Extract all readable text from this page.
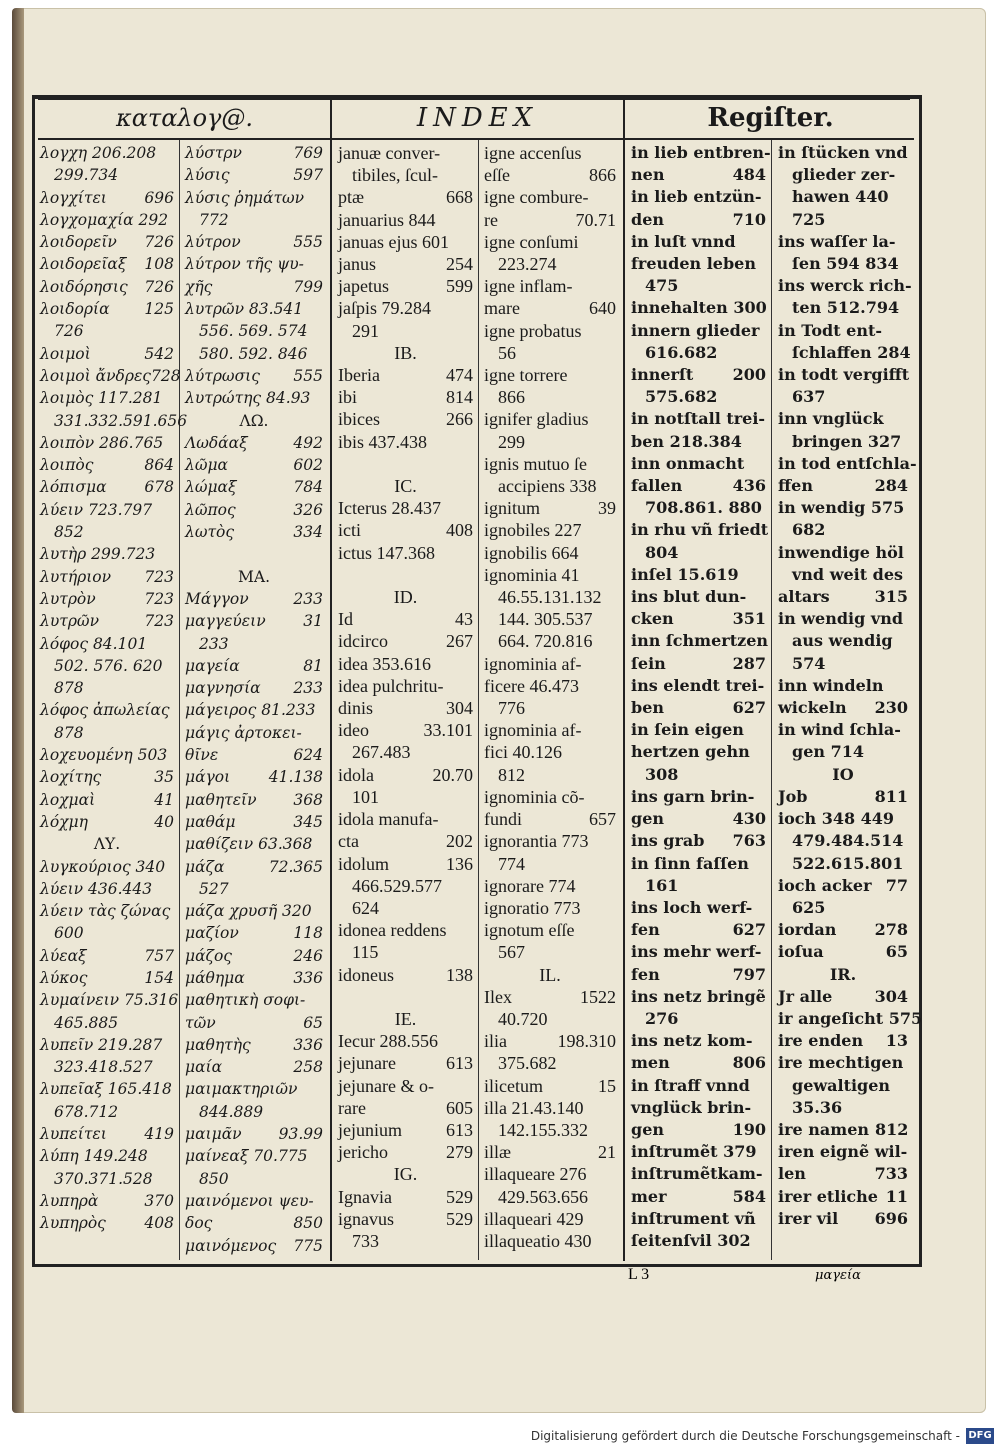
καταλογ@.	INDEX	Regiſter.
λογχη 206.208
299.734
λογχίτει	696
λογχομαχία 292
λοιδορεῖν	726
λοιδορεῖαξ	108
λοιδόρησις	726
λοιδορία	125
726
λοιμοὶ	542
λοιμοὶ ἄνδρες728
λοιμὸς 117.281
331.332.591.656
λοιπὸν 286.765
λοιπὸς	864
λόπισμα	678
λύειν 723.797
852
λυτὴρ 299.723
λυτήριον	723
λυτρὸν	723
λυτρῶν	723
λόφος 84.101
502. 576. 620
878
λόφος ἀπωλείας
878
λοχευομένη 503
λοχίτης	35
λοχμαὶ	41
λόχμη	40
ΛΥ.
λυγκούριος 340
λύειν 436.443
λύειν τὰς ζώνας
600
λύεαξ	757
λύκος	154
λυμαίνειν 75.316
465.885
λυπεῖν 219.287
323.418.527
λυπεῖαξ 165.418
678.712
λυπείτει	419
λύπη 149.248
370.371.528
λυπηρὰ	370
λυπηρὸς	408
λύστρν	769
λύσις	597
λύσις ῥημάτων
772
λύτρον	555
λύτρον τῆς ψυ-
χῆς	799
λυτρῶν 83.541
556. 569. 574
580. 592. 846
λύτρωσις	555
λυτρώτης 84.93
ΛΩ.
Λωδάαξ	492
λῶμα	602
λώμαξ	784
λῶπος	326
λωτὸς	334

MA.
Μάγγον	233
μαγγεύειν	31
233
μαγεία	81
μαγνησία	233
μάγειρος 81.233
μάγις ἀρτοκει-
θῖνε	624
μάγοι	41.138
μαθητεῖν	368
μαθάμ	345
μαθίζειν 63.368
μάζα	72.365
527
μάζα χρυσῆ 320
μαζίον	118
μάζος	246
μάθημα	336
μαθητικὴ σοφι-
τῶν	65
μαθητὴς	336
μαία	258
μαιμακτηριῶν
844.889
μαιμᾶν	93.99
μαίνεαξ 70.775
850
μαινόμενοι ψευ-
δος	850
μαινόμενος	775
januæ conver-
tibiles, ſcul-
ptæ	668
januarius 844
januas ejus 601
janus	254
japetus	599
jaſpis 79.284
291
IB.
Iberia	474
ibi	814
ibices	266
ibis 437.438

IC.
Icterus 28.437
icti	408
ictus 147.368

ID.
Id	43
idcirco	267
idea 353.616
idea pulchritu-
dinis	304
ideo	33.101
267.483
idola	20.70
101
idola manufa-
cta	202
idolum	136
466.529.577
624
idonea reddens
115
idoneus	138

IE.
Iecur 288.556
jejunare	613
jejunare & o-
rare	605
jejunium	613
jericho	279
IG.
Ignavia	529
ignavus	529
733
igne accenſus
eſſe	866
igne combure-
re	70.71
igne conſumi
223.274
igne inflam-
mare	640
igne probatus
56
igne torrere
866
ignifer gladius
299
ignis mutuo ſe
accipiens 338
ignitum	39
ignobiles 227
ignobilis 664
ignominia 41
46.55.131.132
144. 305.537
664. 720.816
ignominia af-
ficere 46.473
776
ignominia af-
fici 40.126
812
ignominia cõ-
fundi	657
ignorantia 773
774
ignorare 774
ignoratio 773
ignotum eſſe
567
IL.
Ilex	1522
40.720
ilia	198.310
375.682
ilicetum	15
illa 21.43.140
142.155.332
illæ	21
illaqueare 276
429.563.656
illaqueari 429
illaqueatio 430
in lieb entbren-
nen	484
in lieb entzün-
den	710
in luſt vnnd
freuden leben
475
innehalten 300
innern glieder
616.682
innerſt	200
575.682
in notſtall trei-
ben 218.384
inn onmacht
fallen	436
708.861. 880
in rhu vñ friedt
804
inſel 15.619
ins blut dun-
cken	351
inn ſchmertzen
ſein	287
ins elendt trei-
ben	627
in ſein eigen
hertzen gehn
308
ins garn brin-
gen	430
ins grab	763
in ſinn faſſen
161
ins loch werf-
fen	627
ins mehr werf-
fen	797
ins netz bringẽ
276
ins netz kom-
men	806
in ſtraff vnnd
vnglück brin-
gen	190
inſtrumẽt 379
inſtrumẽtkam-
mer	584
inſtrument vñ
ſeitenſvil 302
in ſtücken vnd
glieder zer-
hawen 440
725
ins waſſer la-
ſen 594 834
ins werck rich-
ten 512.794
in Todt ent-
ſchlaffen 284
in todt vergifft
637
inn vnglück
bringen 327
in tod entſchla-
ffen	284
in wendig 575
682
inwendige höl
vnd weit des
altars	315
in wendig vnd
aus wendig
574
inn windeln
wickeln	230
in wind ſchla-
gen 714
IO
Job	811
ioch 348 449
479.484.514
522.615.801
ioch acker 77
625
iordan	278
ioſua	65
IR.
Jr alle	304
ir angeſicht 575
ire enden	13
ire mechtigen
gewaltigen
35.36
ire namen 812
iren eignẽ wil-
len	733
irer etliche 11
irer vil	696
L 3	μαγεία
Digitalisierung gefördert durch die Deutsche Forschungsgemeinschaft - DFG
